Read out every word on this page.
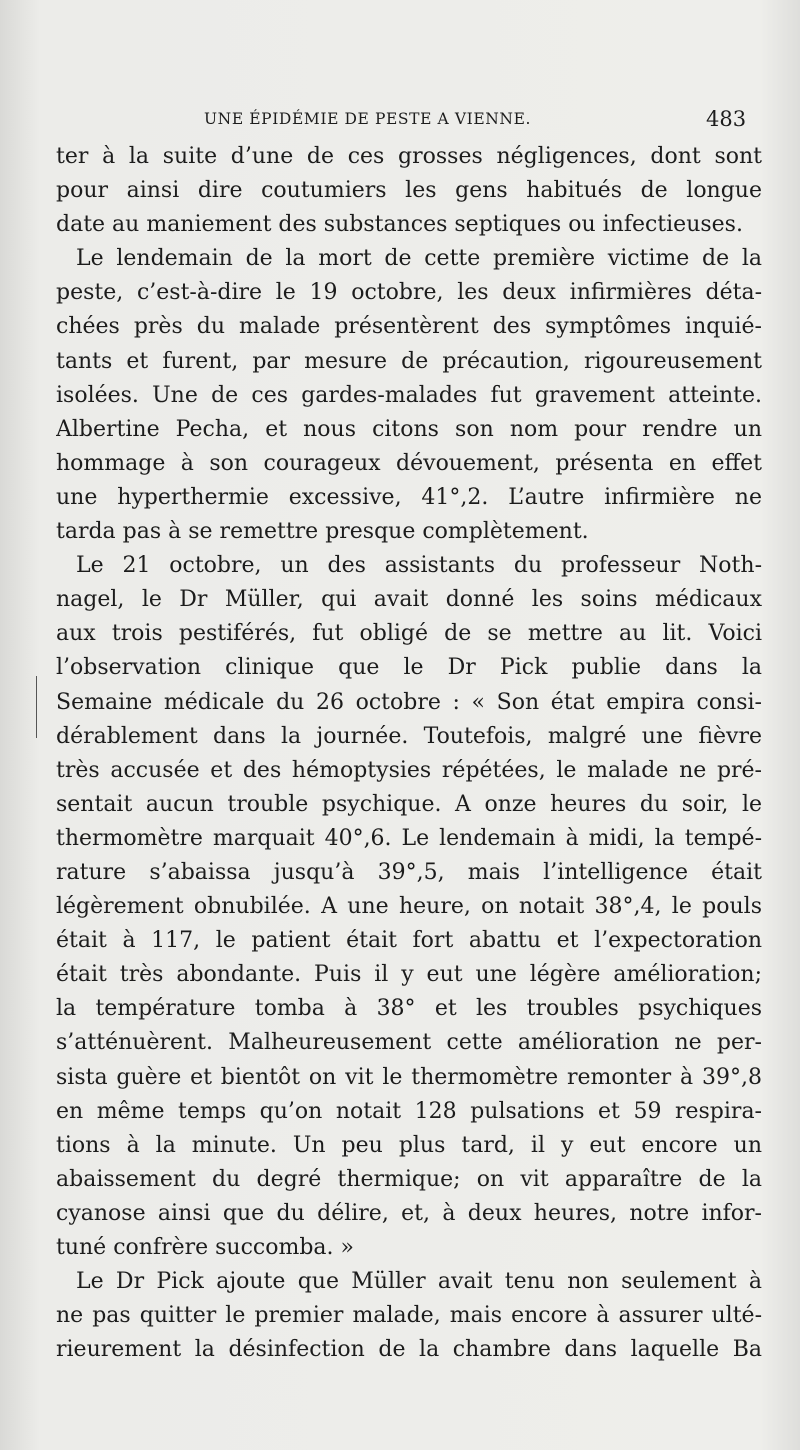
UNE ÉPIDÉMIE DE PESTE A VIENNE.	483
ter à la suite d’une de ces grosses négligences, dont sont
pour ainsi dire coutumiers les gens habitués de longue
date au maniement des substances septiques ou infectieuses.
Le lendemain de la mort de cette première victime de la
peste, c’est-à-dire le 19 octobre, les deux infirmières déta-
chées près du malade présentèrent des symptômes inquié-
tants et furent, par mesure de précaution, rigoureusement
isolées. Une de ces gardes-malades fut gravement atteinte.
Albertine Pecha, et nous citons son nom pour rendre un
hommage à son courageux dévouement, présenta en effet
une hyperthermie excessive, 41°,2. L’autre infirmière ne
tarda pas à se remettre presque complètement.
Le 21 octobre, un des assistants du professeur Noth-
nagel, le Dr Müller, qui avait donné les soins médicaux
aux trois pestiférés, fut obligé de se mettre au lit. Voici
l’observation clinique que le Dr Pick publie dans la
Semaine médicale du 26 octobre : « Son état empira consi-
dérablement dans la journée. Toutefois, malgré une fièvre
très accusée et des hémoptysies répétées, le malade ne pré-
sentait aucun trouble psychique. A onze heures du soir, le
thermomètre marquait 40°,6. Le lendemain à midi, la tempé-
rature s’abaissa jusqu’à 39°,5, mais l’intelligence était
légèrement obnubilée. A une heure, on notait 38°,4, le pouls
était à 117, le patient était fort abattu et l’expectoration
était très abondante. Puis il y eut une légère amélioration;
la température tomba à 38° et les troubles psychiques
s’atténuèrent. Malheureusement cette amélioration ne per-
sista guère et bientôt on vit le thermomètre remonter à 39°,8
en même temps qu’on notait 128 pulsations et 59 respira-
tions à la minute. Un peu plus tard, il y eut encore un
abaissement du degré thermique; on vit apparaître de la
cyanose ainsi que du délire, et, à deux heures, notre infor-
tuné confrère succomba. »
Le Dr Pick ajoute que Müller avait tenu non seulement à
ne pas quitter le premier malade, mais encore à assurer ulté-
rieurement la désinfection de la chambre dans laquelle Ba
